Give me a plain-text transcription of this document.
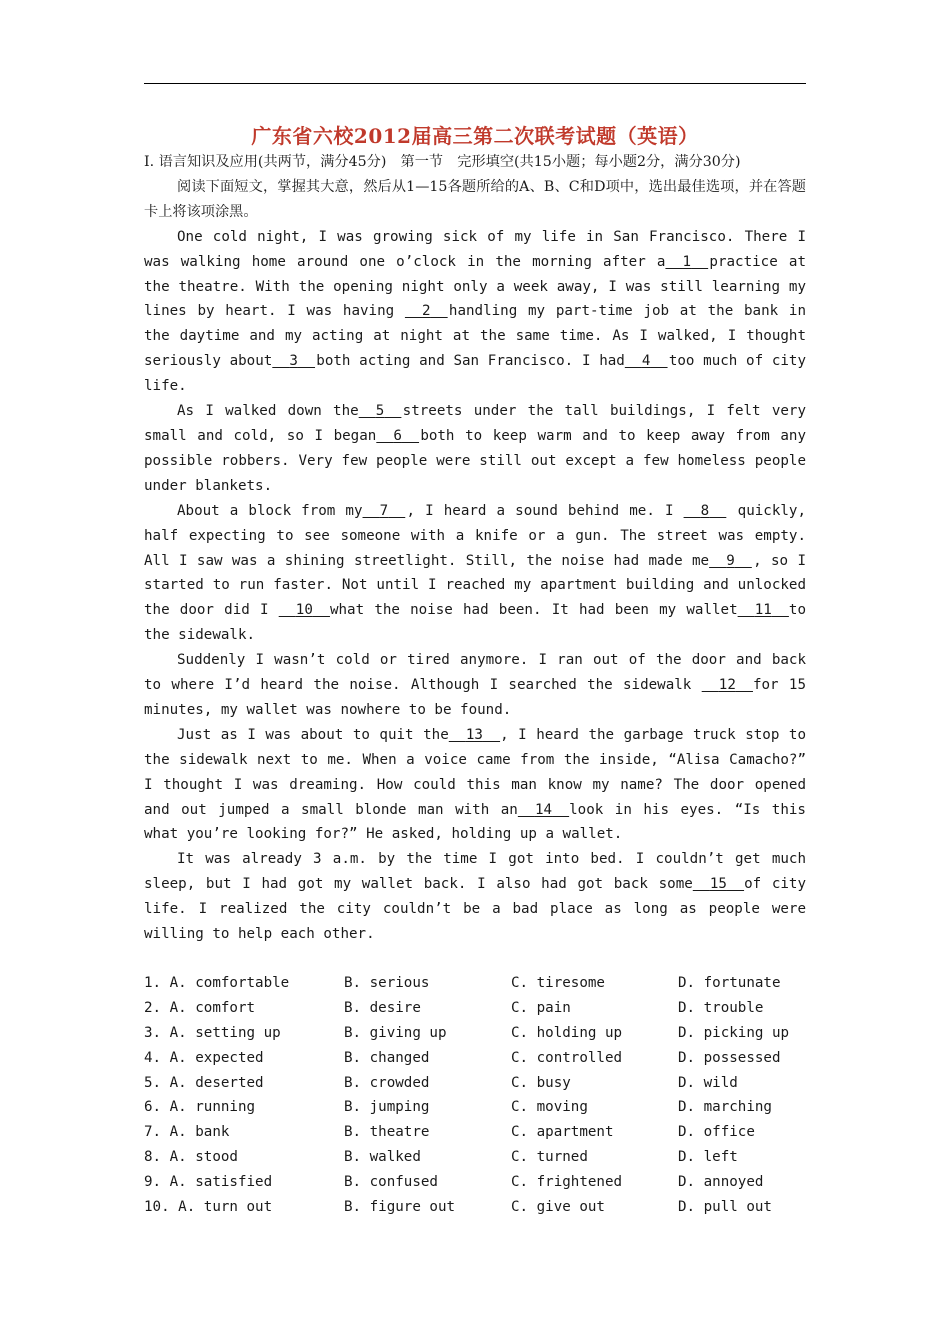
广东省六校2012届高三第二次联考试题（英语）

Ⅰ. 语言知识及应用(共两节，满分45分)　第一节　完形填空(共15小题；每小题2分，满分30分)

阅读下面短文，掌握其大意，然后从1—15各题所给的A、B、C和D项中，选出最佳选项，并在答题卡上将该项涂黑。

One cold night, I was growing sick of my life in San Francisco. There I was walking home around one o’clock in the morning after a 1 practice at the theatre. With the opening night only a week away, I was still learning my lines by heart. I was having 2 handling my part-time job at the bank in the daytime and my acting at night at the same time. As I walked, I thought seriously about 3 both acting and San Francisco. I had 4 too much of city life.

As I walked down the 5 streets under the tall buildings, I felt very small and cold, so I began 6 both to keep warm and to keep away from any possible robbers. Very few people were still out except a few homeless people under blankets.

About a block from my 7 , I heard a sound behind me. I 8 quickly, half expecting to see someone with a knife or a gun. The street was empty. All I saw was a shining streetlight. Still, the noise had made me 9 , so I started to run faster. Not until I reached my apartment building and unlocked the door did I 10 what the noise had been. It had been my wallet 11 to the sidewalk.

Suddenly I wasn’t cold or tired anymore. I ran out of the door and back to where I’d heard the noise. Although I searched the sidewalk 12 for 15 minutes, my wallet was nowhere to be found.

Just as I was about to quit the 13 , I heard the garbage truck stop to the sidewalk next to me. When a voice came from the inside, “Alisa Camacho?” I thought I was dreaming. How could this man know my name? The door opened and out jumped a small blonde man with an 14 look in his eyes. “Is this what you’re looking for?” He asked, holding up a wallet.

It was already 3 a.m. by the time I got into bed. I couldn’t get much sleep, but I had got my wallet back. I also had got back some 15 of city life. I realized the city couldn’t be a bad place as long as people were willing to help each other.

1. A. comfortable	B. serious	C. tiresome	D. fortunate
2. A. comfort	B. desire	C. pain	D. trouble
3. A. setting up	B. giving up	C. holding up	D. picking up
4. A. expected	B. changed	C. controlled	D. possessed
5. A. deserted	B. crowded	C. busy	D. wild
6. A. running	B. jumping	C. moving	D. marching
7. A. bank	B. theatre	C. apartment	D. office
8. A. stood	B. walked	C. turned	D. left
9. A. satisfied	B. confused	C. frightened	D. annoyed
10. A. turn out	B. figure out	C. give out	D. pull out
